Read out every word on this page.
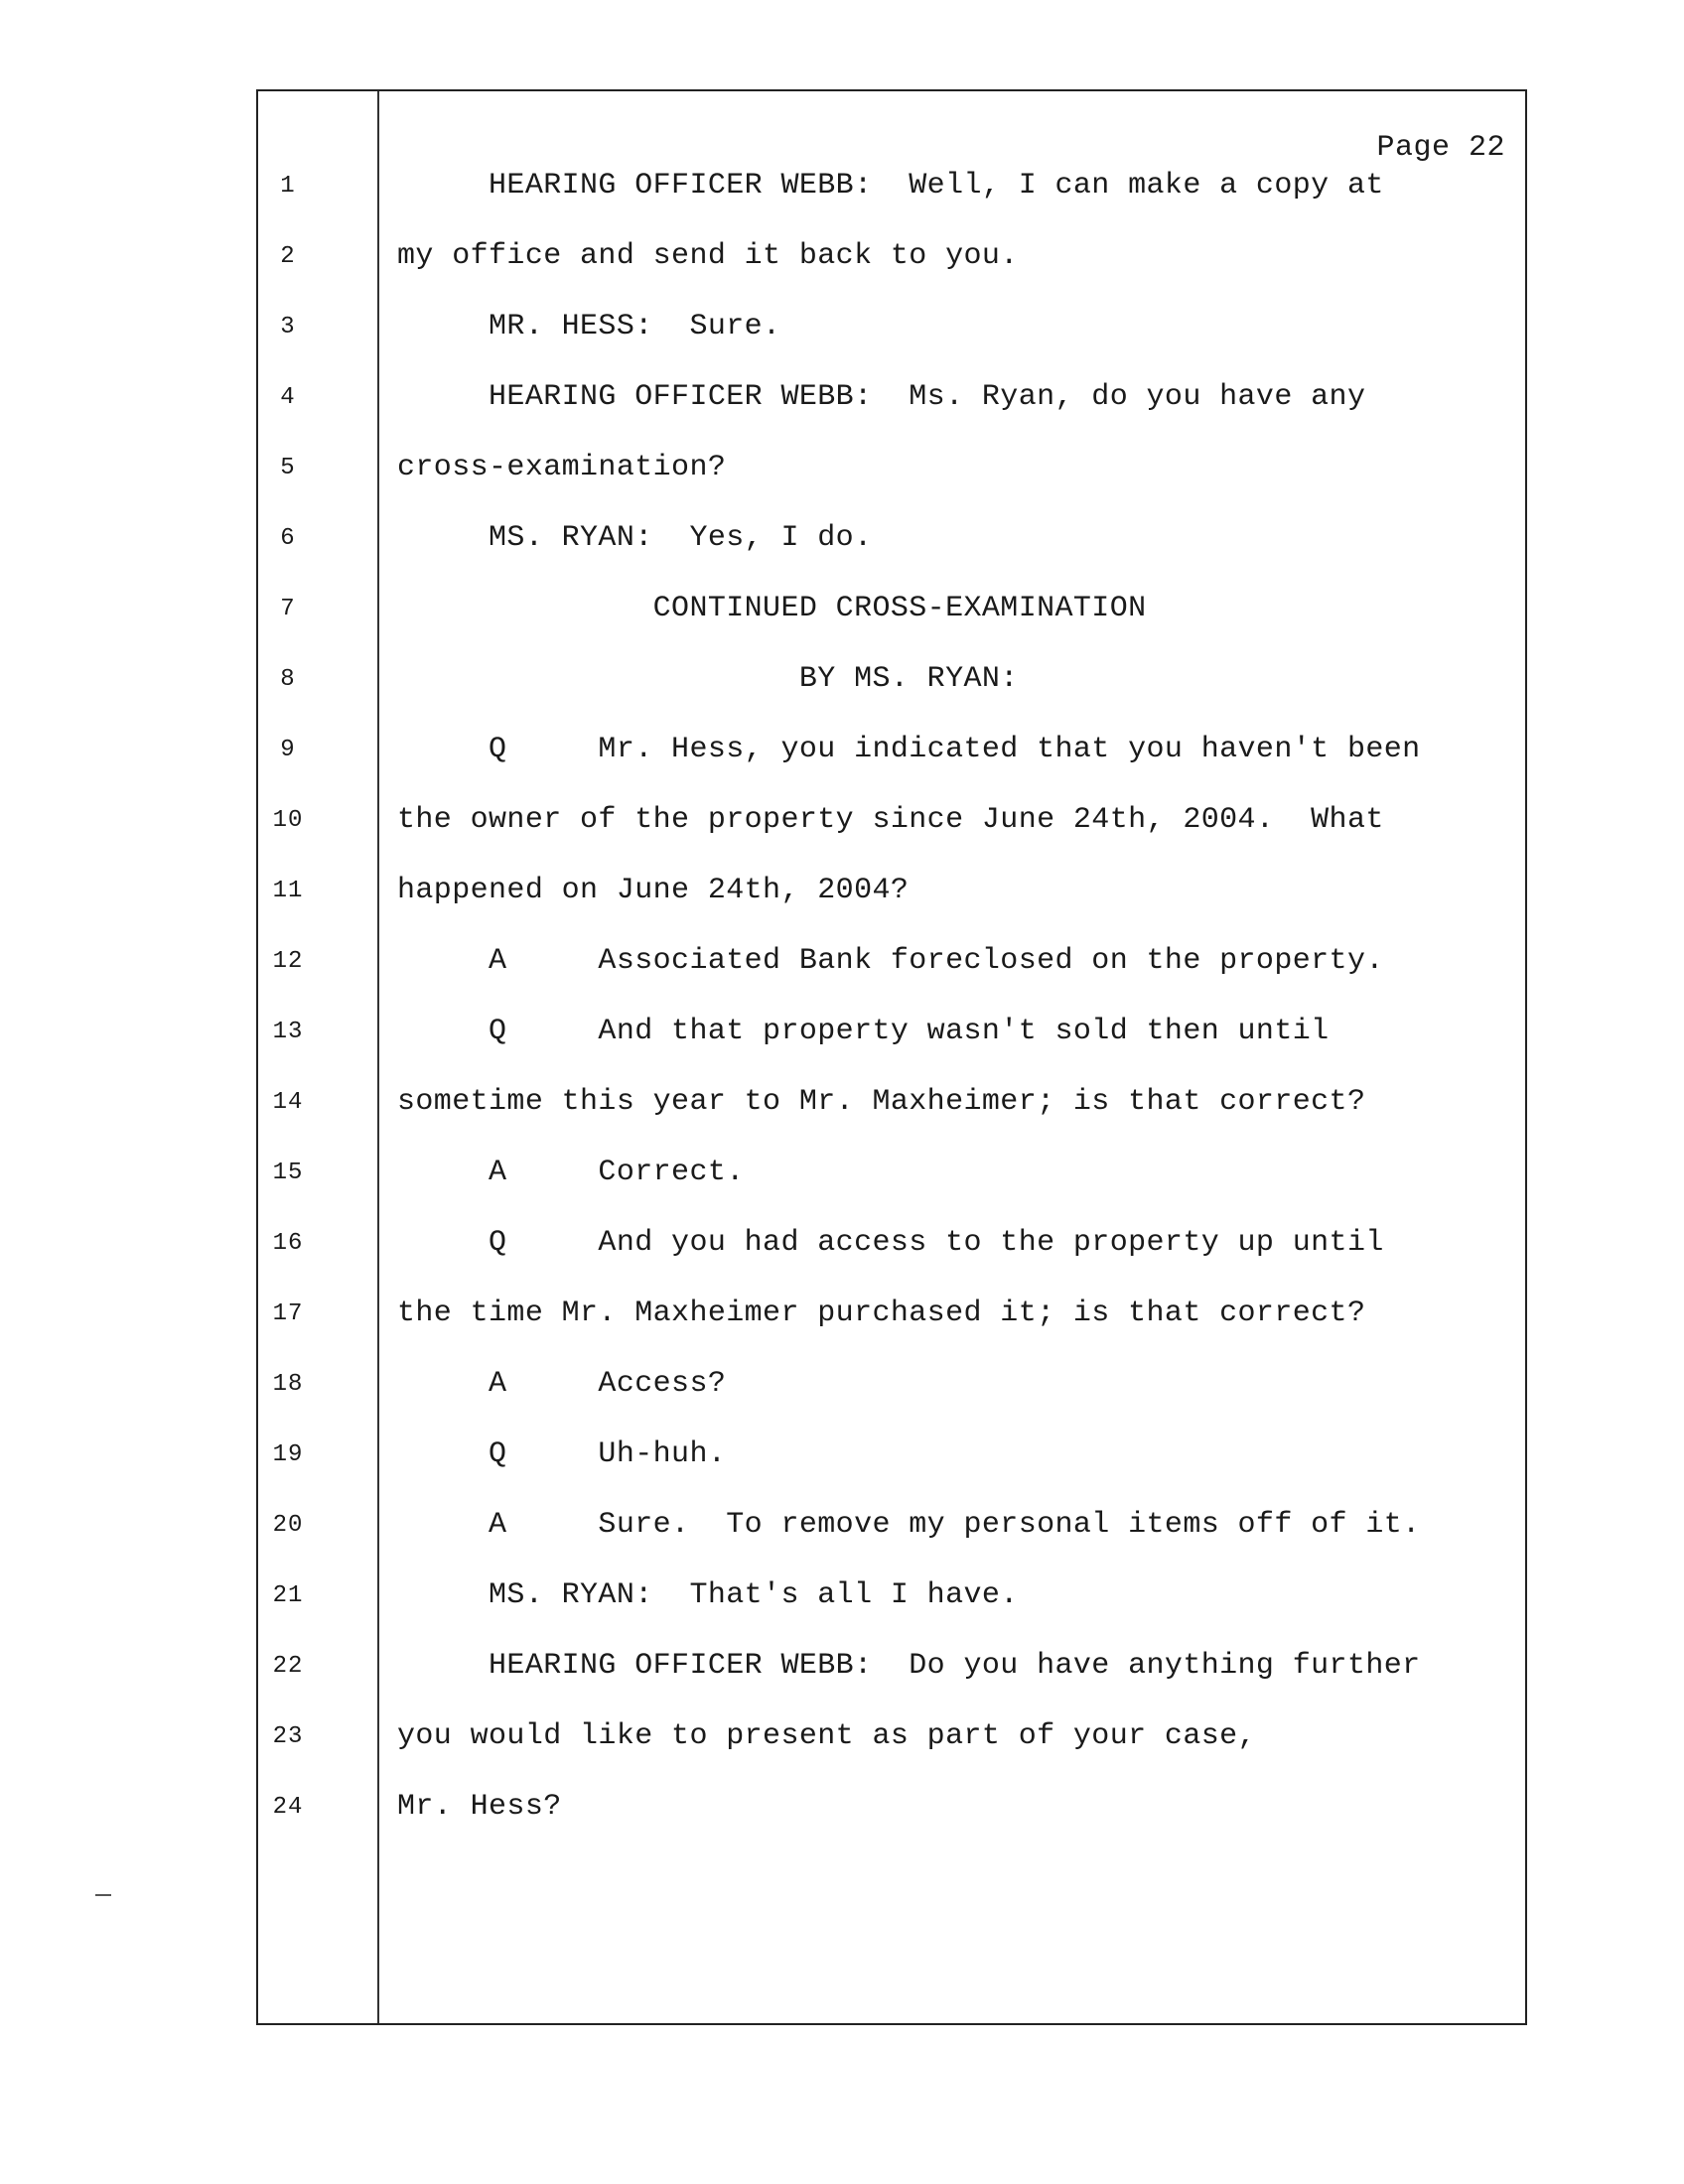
Page 22
1	HEARING OFFICER WEBB:  Well, I can make a copy at
2	my office and send it back to you.
3	MR. HESS:  Sure.
4	HEARING OFFICER WEBB:  Ms. Ryan, do you have any
5	cross-examination?
6	MS. RYAN:  Yes, I do.
7	CONTINUED CROSS-EXAMINATION
8	BY MS. RYAN:
9	Q     Mr. Hess, you indicated that you haven't been
10	the owner of the property since June 24th, 2004.  What
11	happened on June 24th, 2004?
12	A     Associated Bank foreclosed on the property.
13	Q     And that property wasn't sold then until
14	sometime this year to Mr. Maxheimer; is that correct?
15	A     Correct.
16	Q     And you had access to the property up until
17	the time Mr. Maxheimer purchased it; is that correct?
18	A     Access?
19	Q     Uh-huh.
20	A     Sure.  To remove my personal items off of it.
21	MS. RYAN:  That's all I have.
22	HEARING OFFICER WEBB:  Do you have anything further
23	you would like to present as part of your case,
24	Mr. Hess?
